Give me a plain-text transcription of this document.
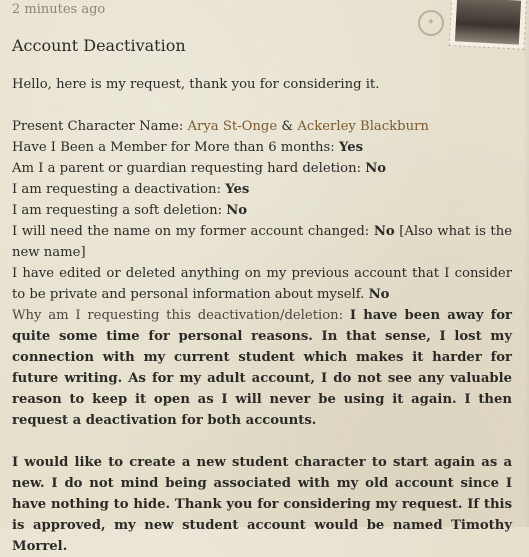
2 minutes ago
✦
Account Deactivation
Hello, here is my request, thank you for considering it.
Present Character Name: Arya St-Onge & Ackerley Blackburn
Have I Been a Member for More than 6 months: Yes
Am I a parent or guardian requesting hard deletion: No
I am requesting a deactivation: Yes
I am requesting a soft deletion: No
I will need the name on my former account changed: No [Also what is the new name]
I have edited or deleted anything on my previous account that I consider to be private and personal information about myself. No
Why am I requesting this deactivation/deletion: I have been away for quite some time for personal reasons. In that sense, I lost my connection with my current student which makes it harder for future writing. As for my adult account, I do not see any valuable reason to keep it open as I will never be using it again. I then request a deactivation for both accounts.
I would like to create a new student character to start again as a new. I do not mind being associated with my old account since I have nothing to hide. Thank you for considering my request. If this is approved, my new student account would be named Timothy Morrel.
